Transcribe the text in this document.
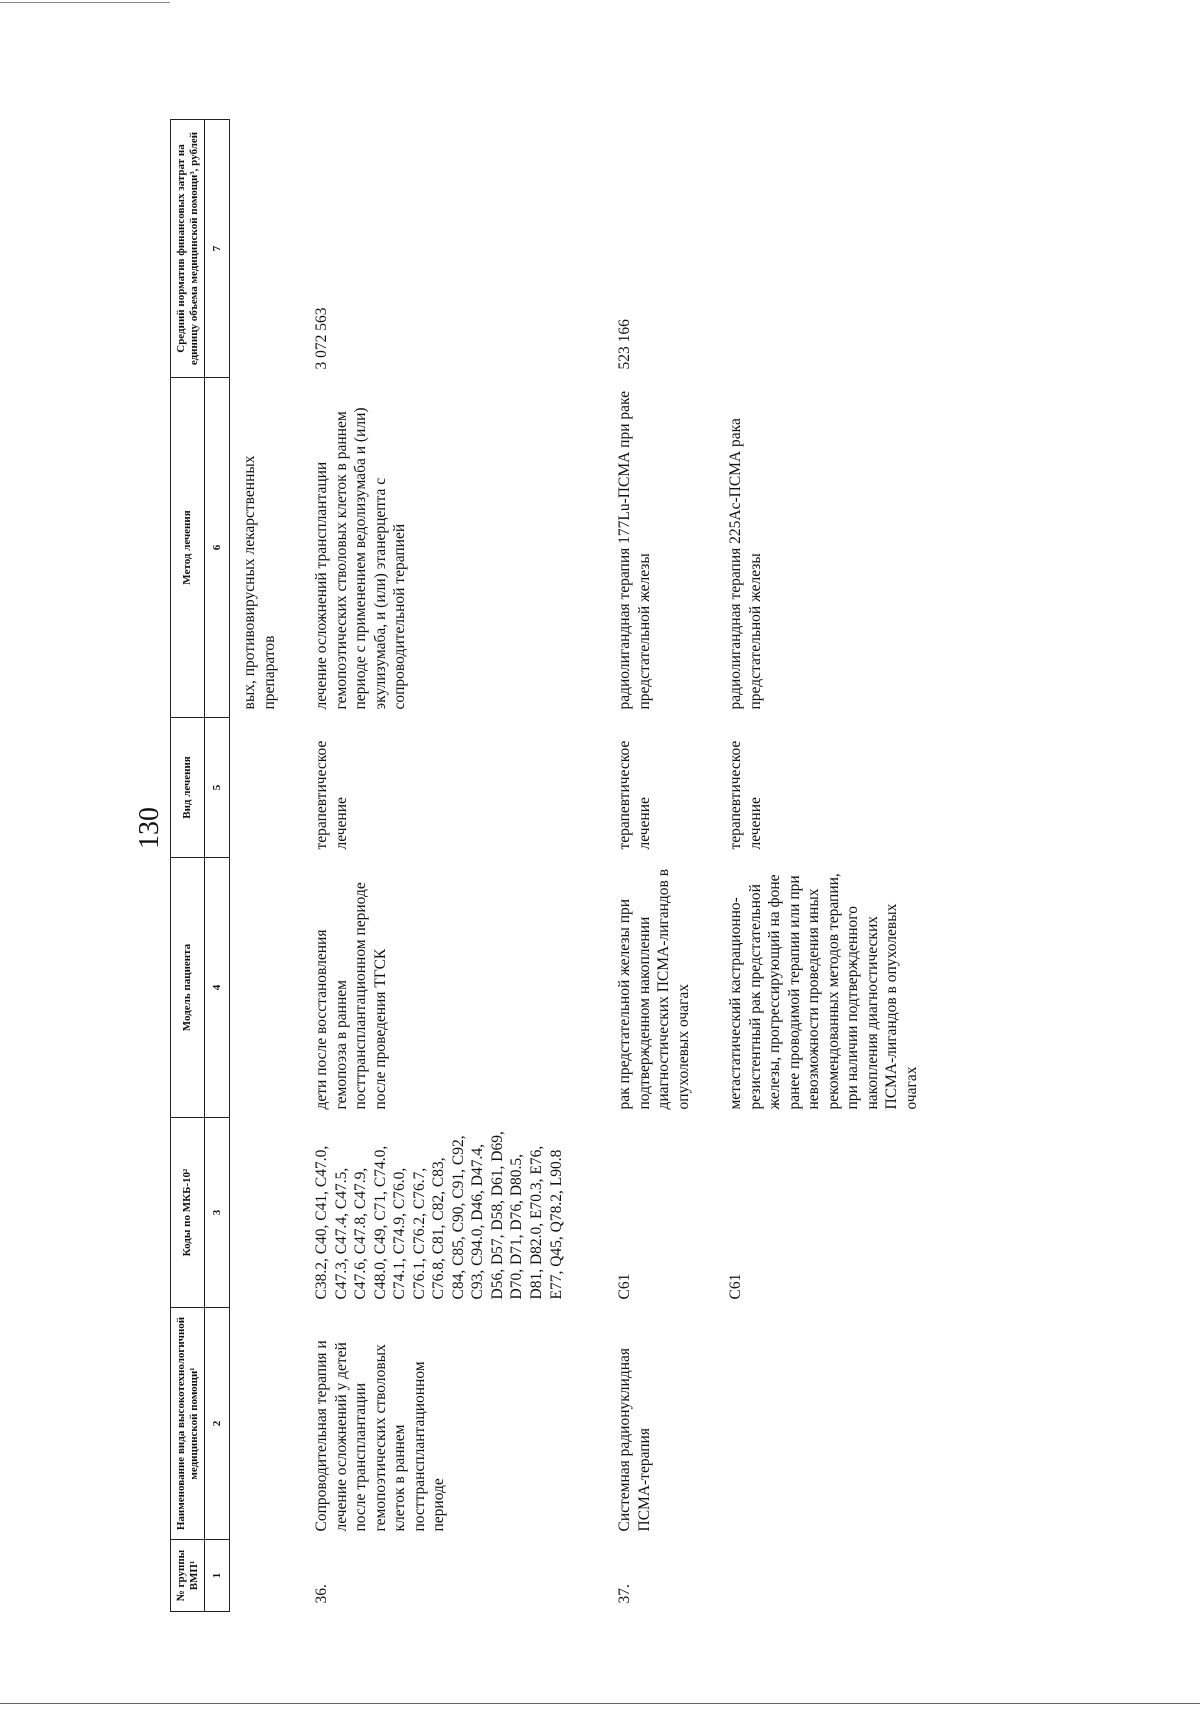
130
№ группы ВМП¹	Наименование вида высокотехнологичной медицинской помощи¹	Коды по МКБ-10²	Модель пациента	Вид лечения	Метод лечения	Средний норматив финансовых затрат на единицу объема медицинской помощи³, рублей
1	2	3	4	5	6	7
					вых, противовирусных лекарственных препаратов	
36.	Сопроводительная терапия и лечение осложнений у детей после трансплантации гемопоэтических стволовых клеток в раннем посттрансплантационном периоде	C38.2, C40, C41, C47.0, C47.3, C47.4, C47.5, C47.6, C47.8, C47.9, C48.0, C49, C71, C74.0, C74.1, C74.9, C76.0, C76.1, C76.2, C76.7, C76.8, C81, C82, C83, C84, C85, C90, C91, C92, C93, C94.0, D46, D47.4, D56, D57, D58, D61, D69, D70, D71, D76, D80.5, D81, D82.0, E70.3, E76, E77, Q45, Q78.2, L90.8	дети после восстановления гемопоэза в раннем посттрансплантационном периоде после проведения ТГСК	терапевтическое лечение	лечение осложнений трансплантации гемопоэтических стволовых клеток в раннем периоде с применением ведолизумаба и (или) экулизумаба, и (или) этанерцепта с сопроводительной терапией	3 072 563
37.	Системная радионуклидная ПСМА-терапия	C61	рак предстательной железы при подтвержденном накоплении диагностических ПСМА-лигандов в опухолевых очагах	терапевтическое лечение	радиолигандная терапия 177Lu-ПСМА при раке предстательной железы	523 166
		C61	метастатический кастрационно-резистентный рак предстательной железы, прогрессирующий на фоне ранее проводимой терапии или при невозможности проведения иных рекомендованных методов терапии, при наличии подтвержденного накопления диагностических ПСМА-лигандов в опухолевых очагах	терапевтическое лечение	радиолигандная терапия 225Ac-ПСМА рака предстательной железы	
